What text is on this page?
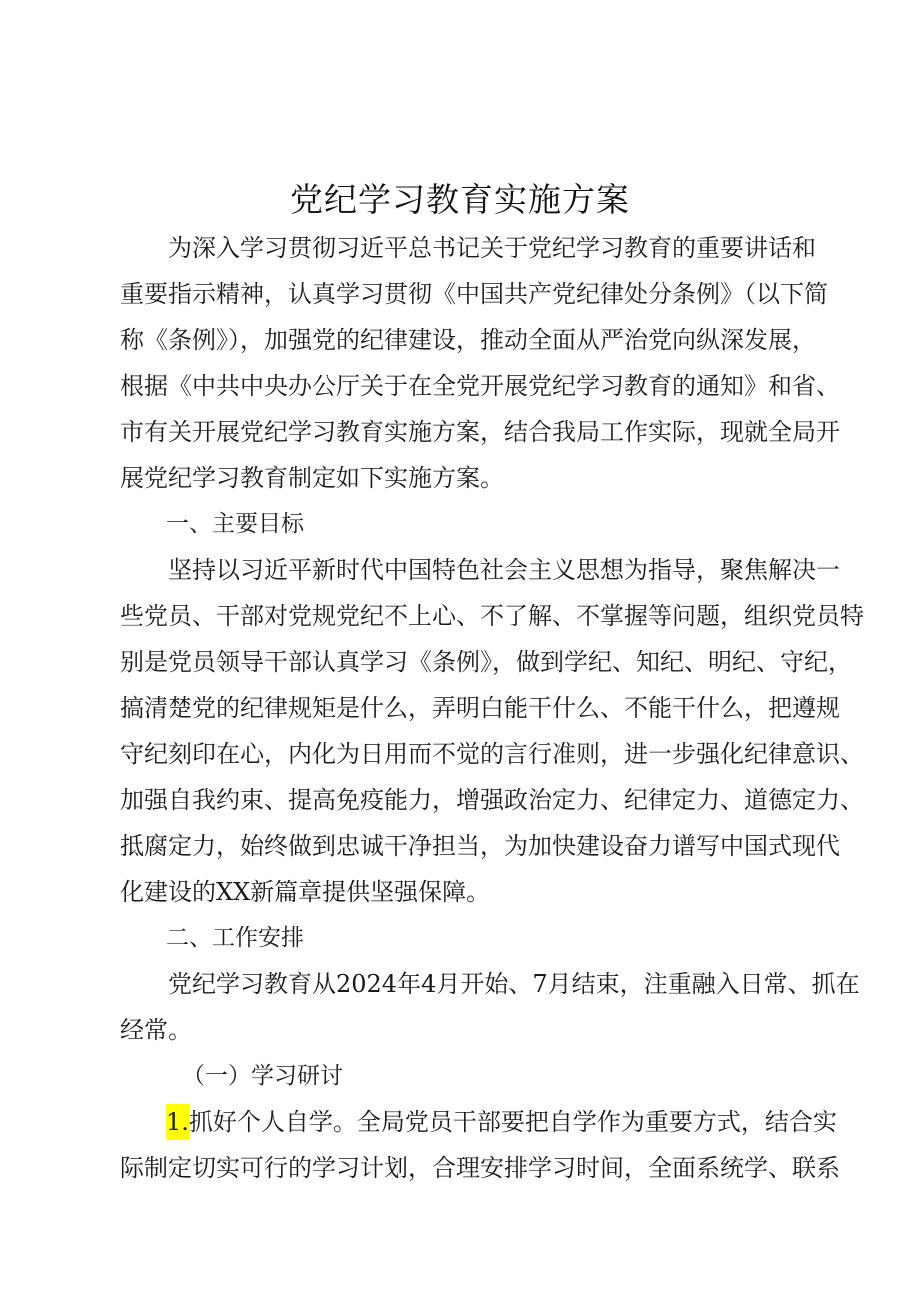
党纪学习教育实施方案
为深入学习贯彻习近平总书记关于党纪学习教育的重要讲话和
重要指示精神，认真学习贯彻《中国共产党纪律处分条例》（以下简
称《条例》），加强党的纪律建设，推动全面从严治党向纵深发展，
根据《中共中央办公厅关于在全党开展党纪学习教育的通知》和省、
市有关开展党纪学习教育实施方案，结合我局工作实际，现就全局开
展党纪学习教育制定如下实施方案。
一、主要目标
坚持以习近平新时代中国特色社会主义思想为指导，聚焦解决一
些党员、干部对党规党纪不上心、不了解、不掌握等问题，组织党员特
别是党员领导干部认真学习《条例》，做到学纪、知纪、明纪、守纪，
搞清楚党的纪律规矩是什么，弄明白能干什么、不能干什么，把遵规
守纪刻印在心，内化为日用而不觉的言行准则，进一步强化纪律意识、
加强自我约束、提高免疫能力，增强政治定力、纪律定力、道德定力、
抵腐定力，始终做到忠诚干净担当，为加快建设奋力谱写中国式现代
化建设的XX新篇章提供坚强保障。
二、工作安排
党纪学习教育从2024年4月开始、7月结束，注重融入日常、抓在
经常。
（一）学习研讨
1. 抓好个人自学。全局党员干部要把自学作为重要方式，结合实
际制定切实可行的学习计划，合理安排学习时间，全面系统学、联系
